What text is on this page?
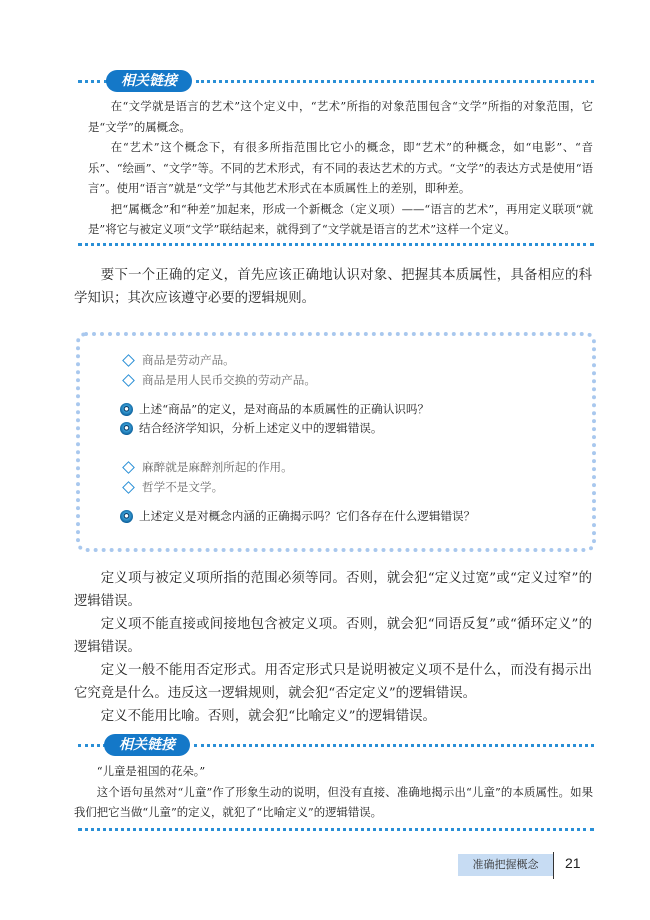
相关链接

在“文学就是语言的艺术”这个定义中，“艺术”所指的对象范围包含“文学”所指的对象范围，它是“文学”的属概念。

在“艺术”这个概念下，有很多所指范围比它小的概念，即“艺术”的种概念，如“电影”、“音乐”、“绘画”、“文学”等。不同的艺术形式，有不同的表达艺术的方式。“文学”的表达方式是使用“语言”。使用“语言”就是“文学”与其他艺术形式在本质属性上的差别，即种差。

把“属概念”和“种差”加起来，形成一个新概念（定义项）——“语言的艺术”，再用定义联项“就是”将它与被定义项“文学”联结起来，就得到了“文学就是语言的艺术”这样一个定义。

要下一个正确的定义，首先应该正确地认识对象、把握其本质属性，具备相应的科学知识；其次应该遵守必要的逻辑规则。

商品是劳动产品。
商品是用人民币交换的劳动产品。
上述“商品”的定义，是对商品的本质属性的正确认识吗？
结合经济学知识，分析上述定义中的逻辑错误。
麻醉就是麻醉剂所起的作用。
哲学不是文学。
上述定义是对概念内涵的正确揭示吗？它们各存在什么逻辑错误？

定义项与被定义项所指的范围必须等同。否则，就会犯“定义过宽”或“定义过窄”的逻辑错误。

定义项不能直接或间接地包含被定义项。否则，就会犯“同语反复”或“循环定义”的逻辑错误。

定义一般不能用否定形式。用否定形式只是说明被定义项不是什么，而没有揭示出它究竟是什么。违反这一逻辑规则，就会犯“否定定义”的逻辑错误。

定义不能用比喻。否则，就会犯“比喻定义”的逻辑错误。

相关链接

“儿童是祖国的花朵。”

这个语句虽然对“儿童”作了形象生动的说明，但没有直接、准确地揭示出“儿童”的本质属性。如果我们把它当做“儿童”的定义，就犯了“比喻定义”的逻辑错误。

准确把握概念	21
